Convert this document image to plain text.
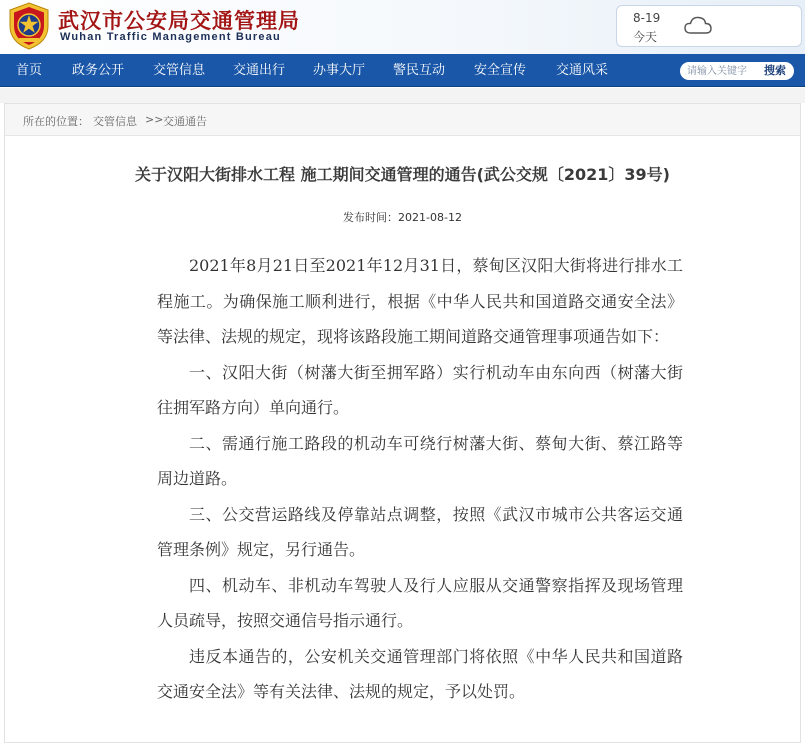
武汉市公安局交通管理局
Wuhan Traffic Management Bureau
8-19
今天
首页 政务公开 交管信息 交通出行 办事大厅 警民互动 安全宣传 交通风采
请输入关键字	搜索
所在的位置： 交管信息 >> 交通通告
关于汉阳大街排水工程 施工期间交通管理的通告(武公交规〔2021〕39号)
发布时间：2021-08-12

2021年8月21日至2021年12月31日，蔡甸区汉阳大街将进行排水工程施工。为确保施工顺利进行，根据《中华人民共和国道路交通安全法》等法律、法规的规定，现将该路段施工期间道路交通管理事项通告如下：

一、汉阳大街（树藩大街至拥军路）实行机动车由东向西（树藩大街往拥军路方向）单向通行。

二、需通行施工路段的机动车可绕行树藩大街、蔡甸大街、蔡江路等周边道路。

三、公交营运路线及停靠站点调整，按照《武汉市城市公共客运交通管理条例》规定，另行通告。

四、机动车、非机动车驾驶人及行人应服从交通警察指挥及现场管理人员疏导，按照交通信号指示通行。

违反本通告的，公安机关交通管理部门将依照《中华人民共和国道路交通安全法》等有关法律、法规的规定，予以处罚。
